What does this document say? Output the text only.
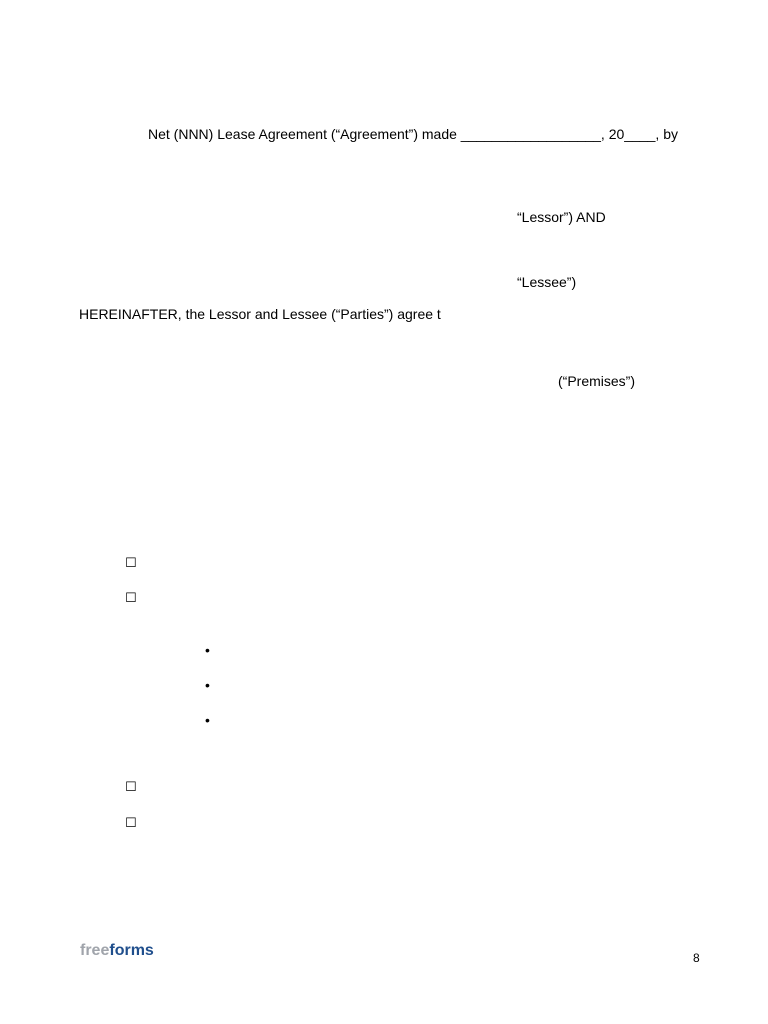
Net (NNN) Lease Agreement (“Agreement”) made __________________, 20____, by
“Lessor”) AND
“Lessee”)
HEREINAFTER, the Lessor and Lessee (“Parties”) agree t
(“Premises”)
☐
☐
•
•
•
☐
☐
freeforms	8
